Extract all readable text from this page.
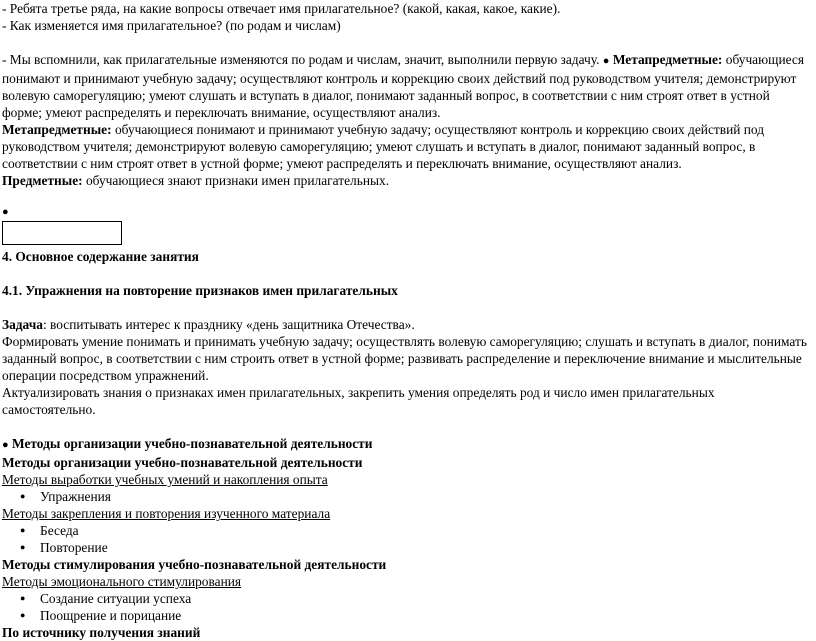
- Ребята третье ряда, на какие вопросы отвечает имя прилагательное? (какой, какая, какое, какие).

- Как изменяется имя прилагательное? (по родам и числам)

- Мы вспомнили, как прилагательные изменяются по родам и числам, значит, выполнили первую задачу. ● Метапредметные: обучающиеся понимают и принимают учебную задачу; осуществляют контроль и коррекцию своих действий под руководством учителя; демонстрируют волевую саморегуляцию; умеют слушать и вступать в диалог, понимают заданный вопрос, в соответствии с ним строят ответ в устной форме; умеют распределять и переключать внимание, осуществляют анализ.

Метапредметные: обучающиеся понимают и принимают учебную задачу; осуществляют контроль и коррекцию своих действий под руководством учителя; демонстрируют волевую саморегуляцию; умеют слушать и вступать в диалог, понимают заданный вопрос, в соответствии с ним строят ответ в устной форме; умеют распределять и переключать внимание, осуществляют анализ.

Предметные: обучающиеся знают признаки имен прилагательных.

●

4. Основное содержание занятия

4.1. Упражнения на повторение признаков имен прилагательных

Задача: воспитывать интерес к празднику «день защитника Отечества».

Формировать умение понимать и принимать учебную задачу; осуществлять волевую саморегуляцию; слушать и вступать в диалог, понимать заданный вопрос, в соответствии с ним строить ответ в устной форме; развивать распределение и переключение внимание и мыслительные операции посредством упражнений.

Актуализировать знания о признаках имен прилагательных, закрепить умения определять род и число имен прилагательных самостоятельно.

● Методы организации учебно-познавательной деятельности

Методы организации учебно-познавательной деятельности

Методы выработки учебных умений и накопления опыта

● Упражнения

Методы закрепления и повторения изученного материала

● Беседа
● Повторение

Методы стимулирования учебно-познавательной деятельности

Методы эмоционального стимулирования

● Создание ситуации успеха
● Поощрение и порицание

По источнику получения знаний
